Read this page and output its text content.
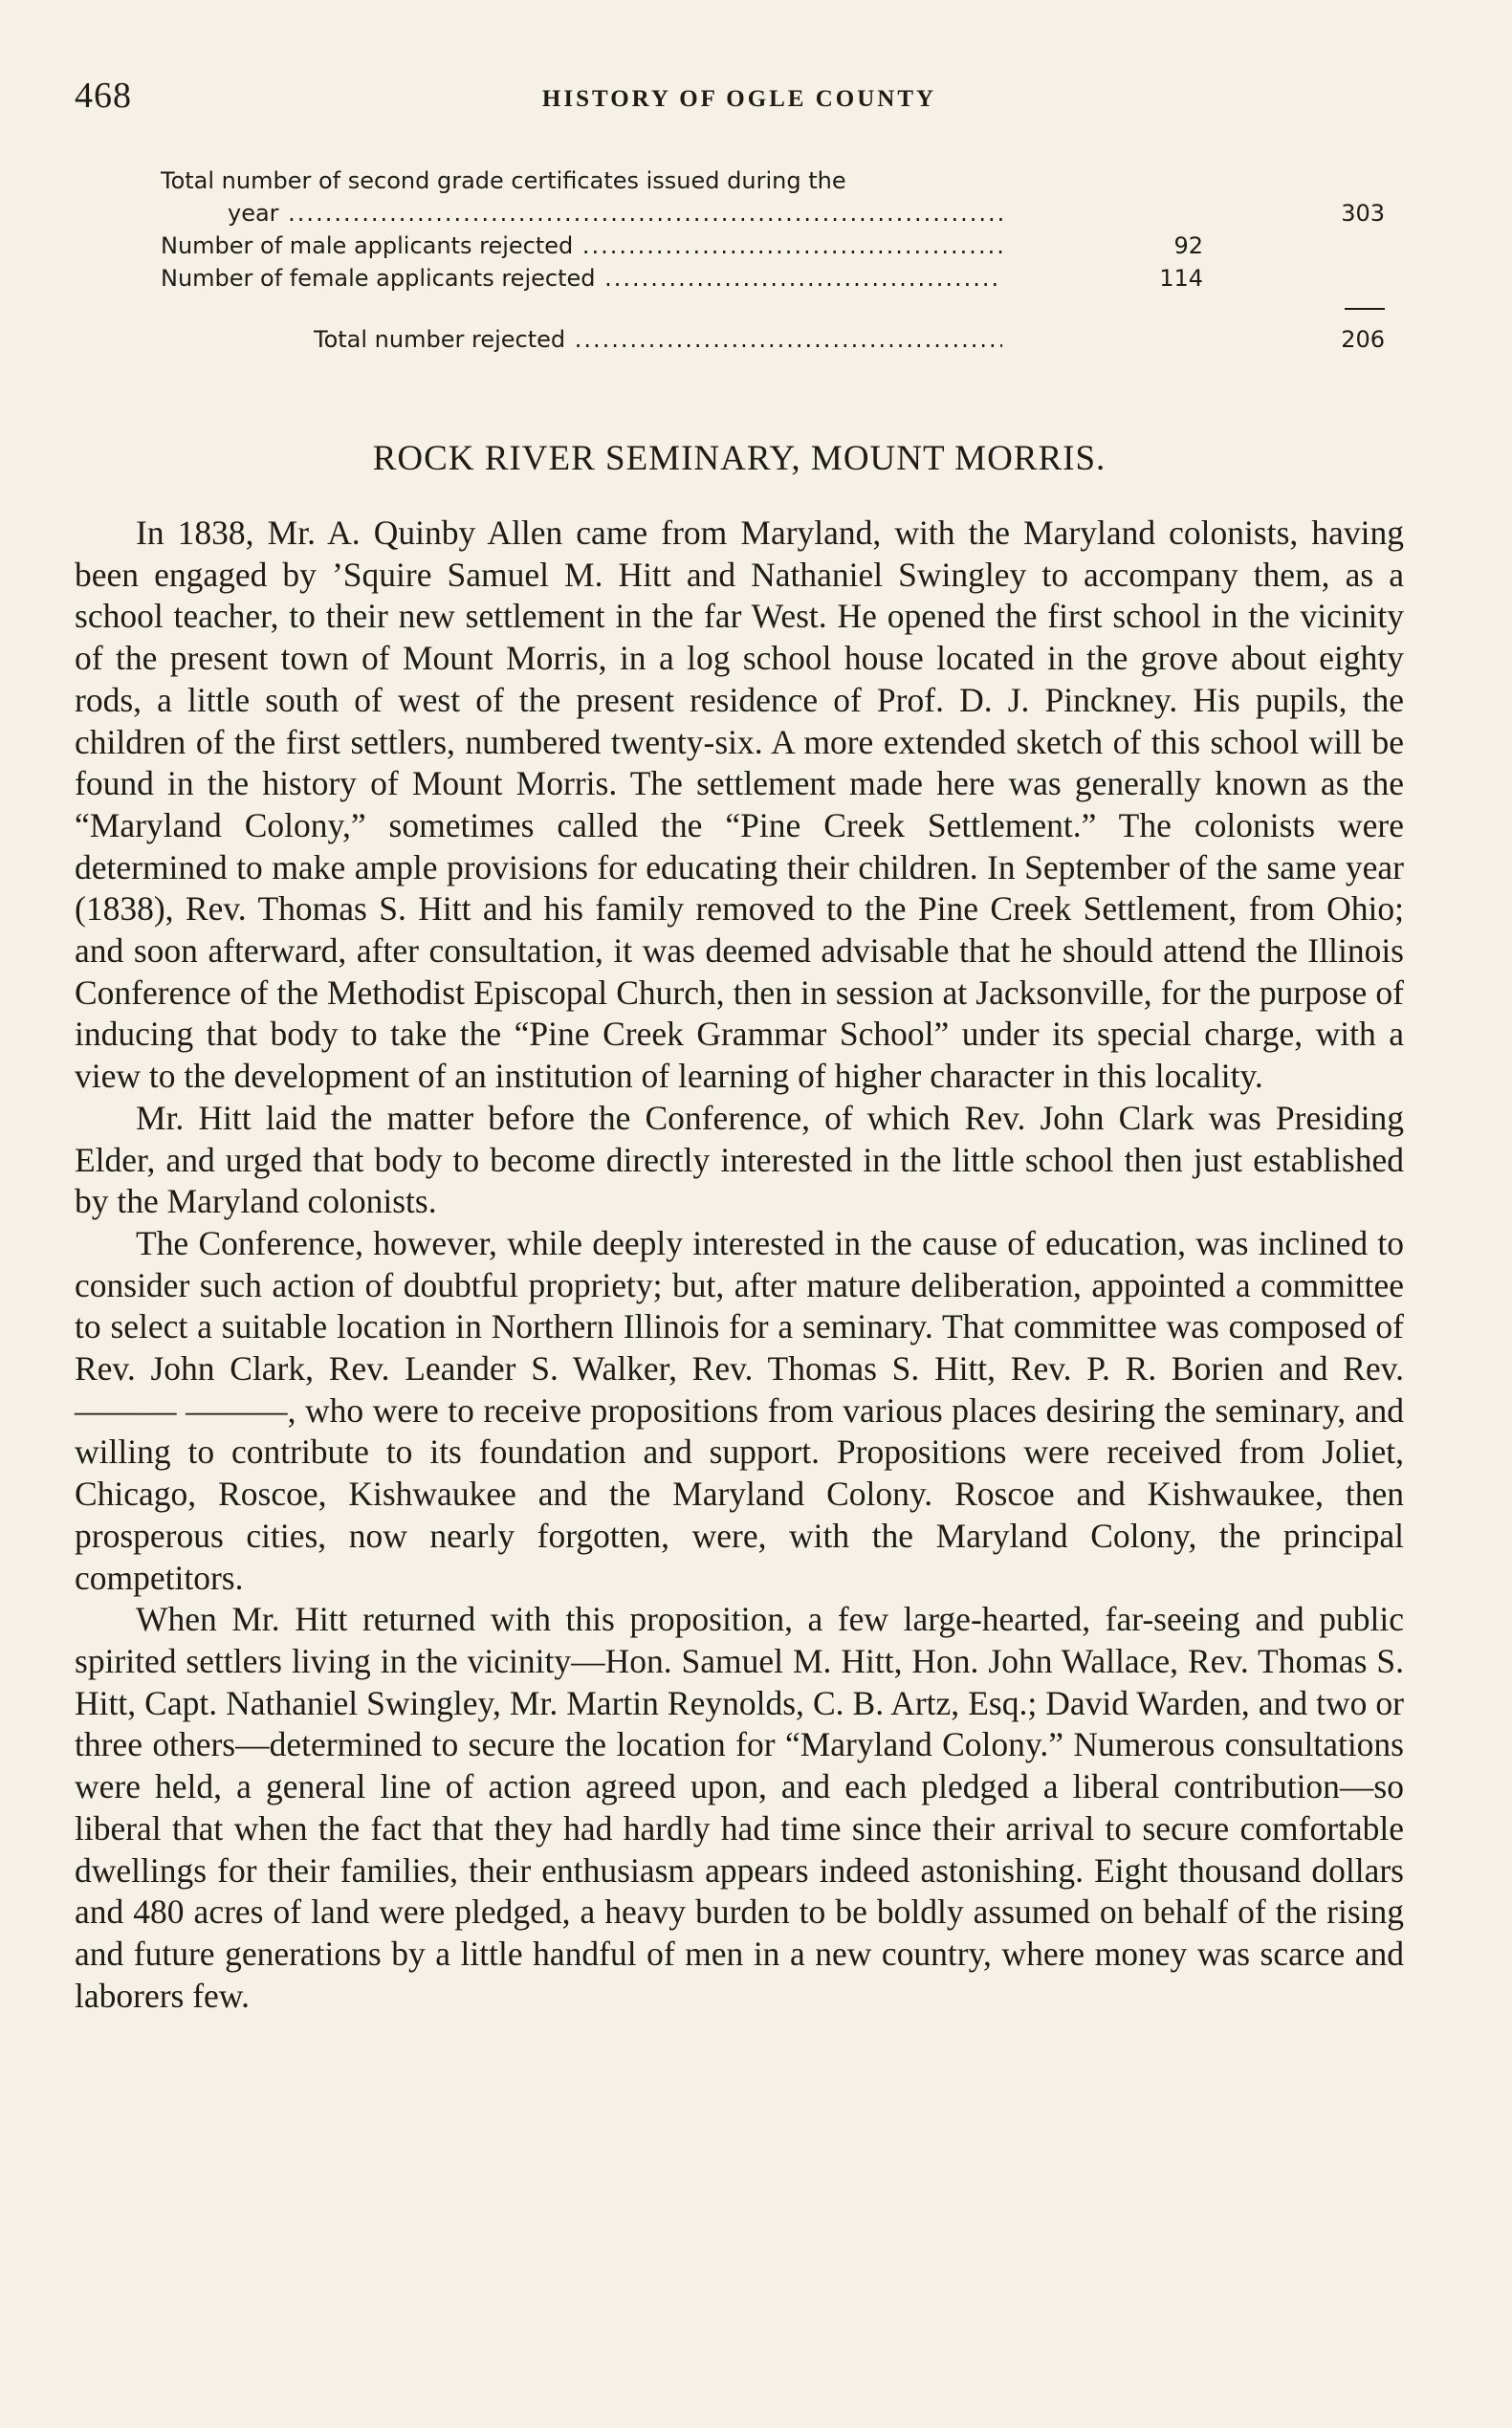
468	HISTORY OF OGLE COUNTY
Total number of second grade certificates issued during the
year .....	303
Number of male applicants rejected .....	92
Number of female applicants rejected .....	114
Total number rejected .....	206
ROCK RIVER SEMINARY, MOUNT MORRIS.

In 1838, Mr. A. Quinby Allen came from Maryland, with the Maryland colonists, having been engaged by ’Squire Samuel M. Hitt and Nathaniel Swingley to accompany them, as a school teacher, to their new settlement in the far West. He opened the first school in the vicinity of the present town of Mount Morris, in a log school house located in the grove about eighty rods, a little south of west of the present residence of Prof. D. J. Pinckney. His pupils, the children of the first settlers, numbered twenty-six. A more extended sketch of this school will be found in the history of Mount Morris. The settlement made here was generally known as the “Maryland Colony,” sometimes called the “Pine Creek Settlement.” The colonists were determined to make ample provisions for educating their children. In September of the same year (1838), Rev. Thomas S. Hitt and his family removed to the Pine Creek Settlement, from Ohio; and soon afterward, after consultation, it was deemed advisable that he should attend the Illinois Conference of the Methodist Episcopal Church, then in session at Jacksonville, for the purpose of inducing that body to take the “Pine Creek Grammar School” under its special charge, with a view to the development of an institution of learning of higher character in this locality.

Mr. Hitt laid the matter before the Conference, of which Rev. John Clark was Presiding Elder, and urged that body to become directly interested in the little school then just established by the Maryland colonists.

The Conference, however, while deeply interested in the cause of education, was inclined to consider such action of doubtful propriety; but, after mature deliberation, appointed a committee to select a suitable location in Northern Illinois for a seminary. That committee was composed of Rev. John Clark, Rev. Leander S. Walker, Rev. Thomas S. Hitt, Rev. P. R. Borien and Rev. ——— ———, who were to receive propositions from various places desiring the seminary, and willing to contribute to its foundation and support. Propositions were received from Joliet, Chicago, Roscoe, Kishwaukee and the Maryland Colony. Roscoe and Kishwaukee, then prosperous cities, now nearly forgotten, were, with the Maryland Colony, the principal competitors.

When Mr. Hitt returned with this proposition, a few large-hearted, far-seeing and public spirited settlers living in the vicinity—Hon. Samuel M. Hitt, Hon. John Wallace, Rev. Thomas S. Hitt, Capt. Nathaniel Swingley, Mr. Martin Reynolds, C. B. Artz, Esq.; David Warden, and two or three others—determined to secure the location for “Maryland Colony.” Numerous consultations were held, a general line of action agreed upon, and each pledged a liberal contribution—so liberal that when the fact that they had hardly had time since their arrival to secure comfortable dwellings for their families, their enthusiasm appears indeed astonishing. Eight thousand dollars and 480 acres of land were pledged, a heavy burden to be boldly assumed on behalf of the rising and future generations by a little handful of men in a new country, where money was scarce and laborers few.
